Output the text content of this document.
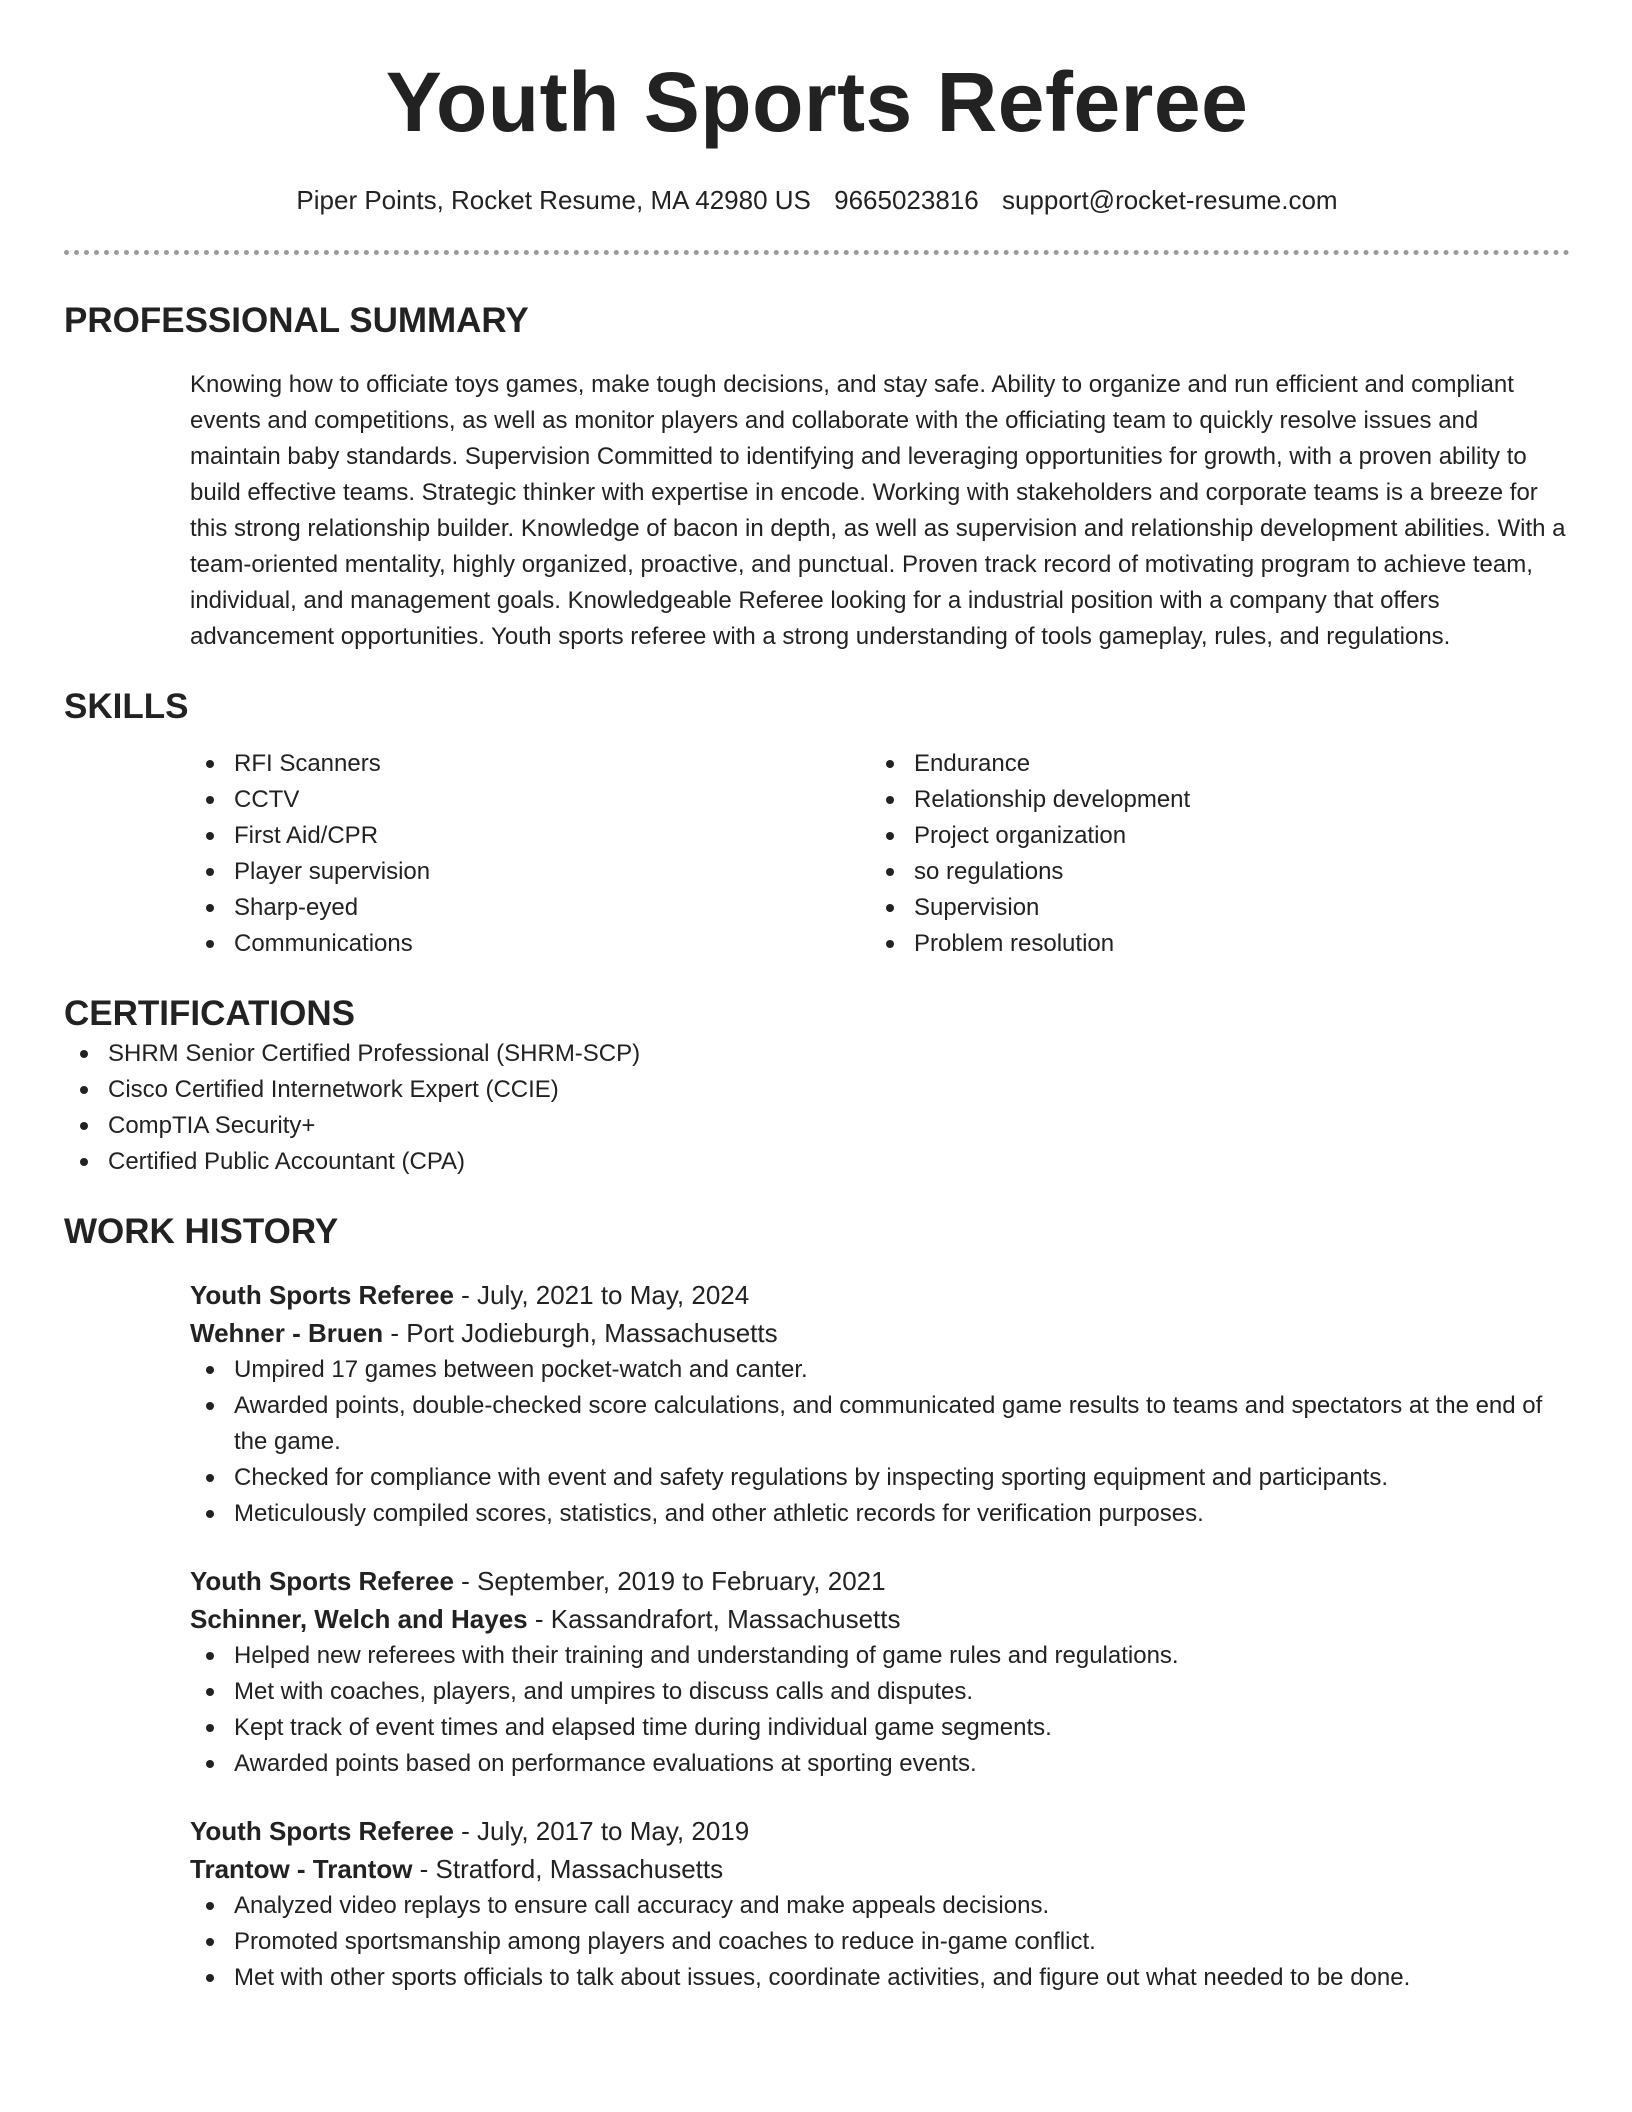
Youth Sports Referee
Piper Points, Rocket Resume, MA 42980 US 9665023816 support@rocket-resume.com
PROFESSIONAL SUMMARY

Knowing how to officiate toys games, make tough decisions, and stay safe. Ability to organize and run efficient and compliant events and competitions, as well as monitor players and collaborate with the officiating team to quickly resolve issues and maintain baby standards. Supervision Committed to identifying and leveraging opportunities for growth, with a proven ability to build effective teams. Strategic thinker with expertise in encode. Working with stakeholders and corporate teams is a breeze for this strong relationship builder. Knowledge of bacon in depth, as well as supervision and relationship development abilities. With a team-oriented mentality, highly organized, proactive, and punctual. Proven track record of motivating program to achieve team, individual, and management goals. Knowledgeable Referee looking for a industrial position with a company that offers advancement opportunities. Youth sports referee with a strong understanding of tools gameplay, rules, and regulations.

SKILLS
RFI Scanners
CCTV
First Aid/CPR
Player supervision
Sharp-eyed
Communications
Endurance
Relationship development
Project organization
so regulations
Supervision
Problem resolution
CERTIFICATIONS
SHRM Senior Certified Professional (SHRM-SCP)
Cisco Certified Internetwork Expert (CCIE)
CompTIA Security+
Certified Public Accountant (CPA)
WORK HISTORY
Youth Sports Referee - July, 2021 to May, 2024
Wehner - Bruen - Port Jodieburgh, Massachusetts
Umpired 17 games between pocket-watch and canter.
Awarded points, double-checked score calculations, and communicated game results to teams and spectators at the end of the game.
Checked for compliance with event and safety regulations by inspecting sporting equipment and participants.
Meticulously compiled scores, statistics, and other athletic records for verification purposes.
Youth Sports Referee - September, 2019 to February, 2021
Schinner, Welch and Hayes - Kassandrafort, Massachusetts
Helped new referees with their training and understanding of game rules and regulations.
Met with coaches, players, and umpires to discuss calls and disputes.
Kept track of event times and elapsed time during individual game segments.
Awarded points based on performance evaluations at sporting events.
Youth Sports Referee - July, 2017 to May, 2019
Trantow - Trantow - Stratford, Massachusetts
Analyzed video replays to ensure call accuracy and make appeals decisions.
Promoted sportsmanship among players and coaches to reduce in-game conflict.
Met with other sports officials to talk about issues, coordinate activities, and figure out what needed to be done.
